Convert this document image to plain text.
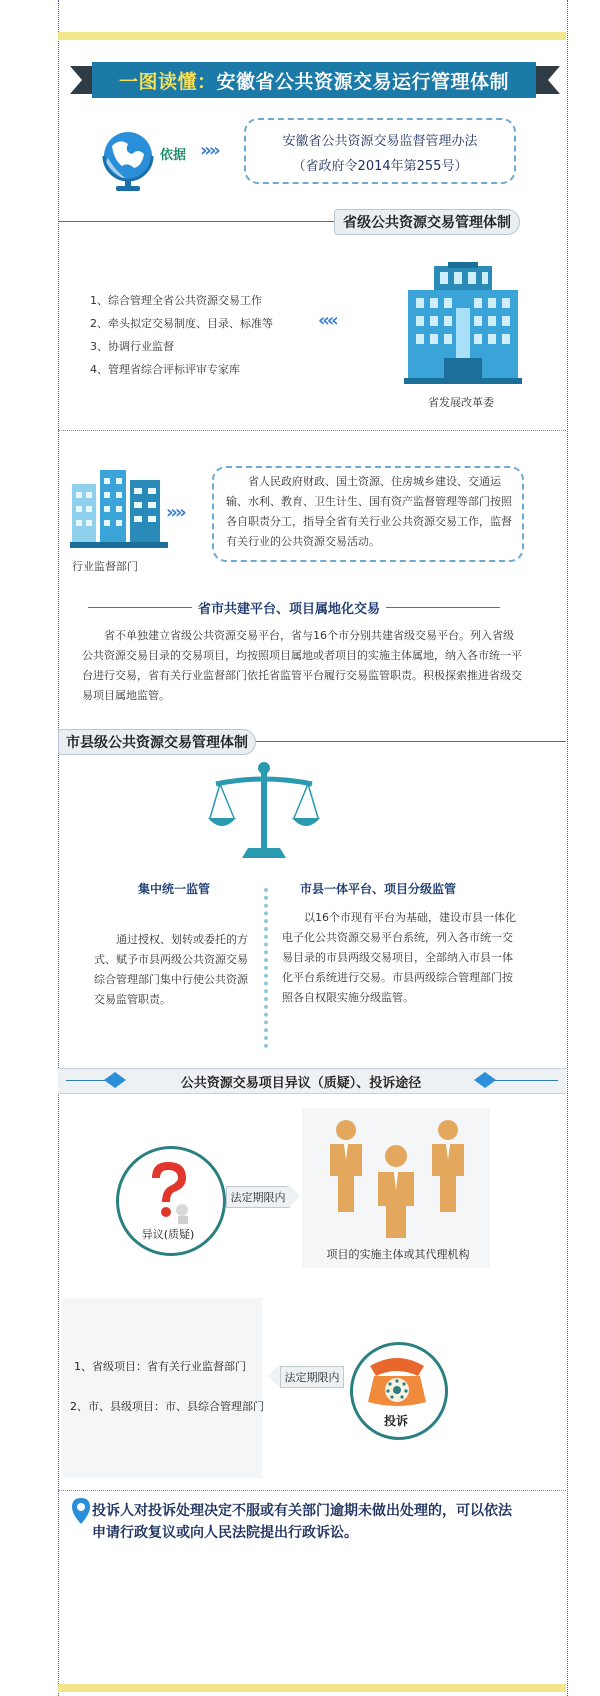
一图读懂： 安徽省公共资源交易运行管理体制
依据 ››››	安徽省公共资源交易监督管理办法
（省政府令2014年第255号）
省级公共资源交易管理体制

1、综合管理全省公共资源交易工作

2、牵头拟定交易制度、目录、标准等

3、协调行业监督

4、管理省综合评标评审专家库

‹‹‹‹
省发展改革委
行业监督部门
››››
省人民政府财政、国土资源、住房城乡建设、交通运输、水利、教育、卫生计生、国有资产监督管理等部门按照各自职责分工，指导全省有关行业公共资源交易工作，监督有关行业的公共资源交易活动。
省市共建平台、项目属地化交易
省不单独建立省级公共资源交易平台，省与16个市分别共建省级交易平台。列入省级公共资源交易目录的交易项目，均按照项目属地或者项目的实施主体属地，纳入各市统一平台进行交易，省有关行业监督部门依托省监管平台履行交易监管职责。积极探索推进省级交易项目属地监管。
市县级公共资源交易管理体制
集中统一监管	市县一体平台、项目分级监管
通过授权、划转或委托的方式、赋予市县两级公共资源交易综合管理部门集中行使公共资源交易监管职责。
以16个市现有平台为基础，建设市县一体化电子化公共资源交易平台系统，列入各市统一交易目录的市县两级交易项目，全部纳入市县一体化平台系统进行交易。市县两级综合管理部门按照各自权限实施分级监管。
公共资源交易项目异议（质疑）、投诉途径
异议(质疑)
法定期限内
项目的实施主体或其代理机构
1、省级项目：省有关行业监督部门
2、市、县级项目：市、县综合管理部门
法定期限内
投诉
投诉人对投诉处理决定不服或有关部门逾期未做出处理的，可以依法申请行政复议或向人民法院提出行政诉讼。
